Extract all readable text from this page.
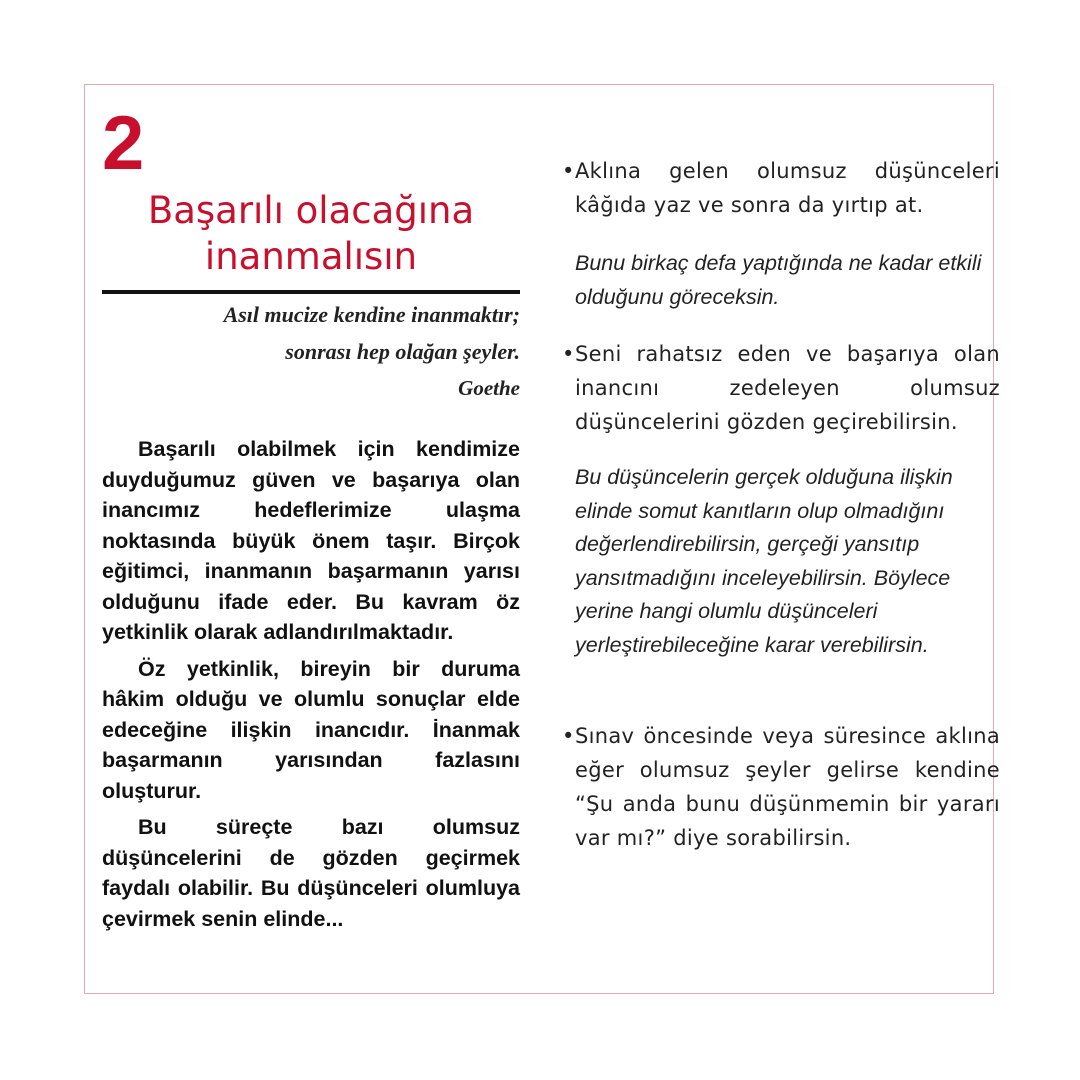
2
Başarılı olacağına inanmalısın
Asıl mucize kendine inanmaktır;
sonrası hep olağan şeyler.
Goethe

Başarılı olabilmek için kendimize duyduğumuz güven ve başarıya olan inancımız hedeflerimize ulaşma noktasında büyük önem taşır. Birçok eğitimci, inanmanın başarmanın yarısı olduğunu ifade eder. Bu kavram öz yetkinlik olarak adlandırılmaktadır.

Öz yetkinlik, bireyin bir duruma hâkim olduğu ve olumlu sonuçlar elde edeceğine ilişkin inancıdır. İnanmak başarmanın yarısından fazlasını oluşturur.

Bu süreçte bazı olumsuz düşüncelerini de gözden geçirmek faydalı olabilir. Bu düşünceleri olumluya çevirmek senin elinde...

• Aklına gelen olumsuz düşünceleri kâğıda yaz ve sonra da yırtıp at.
Bunu birkaç defa yaptığında ne kadar etkili olduğunu göreceksin.
• Seni rahatsız eden ve başarıya olan inancını zedeleyen olumsuz düşüncelerini gözden geçirebilirsin.
Bu düşüncelerin gerçek olduğuna ilişkin elinde somut kanıtların olup olmadığını değerlendirebilirsin, gerçeği yansıtıp yansıtmadığını inceleyebilirsin. Böylece yerine hangi olumlu düşünceleri yerleştirebileceğine karar verebilirsin.
• Sınav öncesinde veya süresince aklına eğer olumsuz şeyler gelirse kendine “Şu anda bunu düşünmemin bir yararı var mı?” diye sorabilirsin.
